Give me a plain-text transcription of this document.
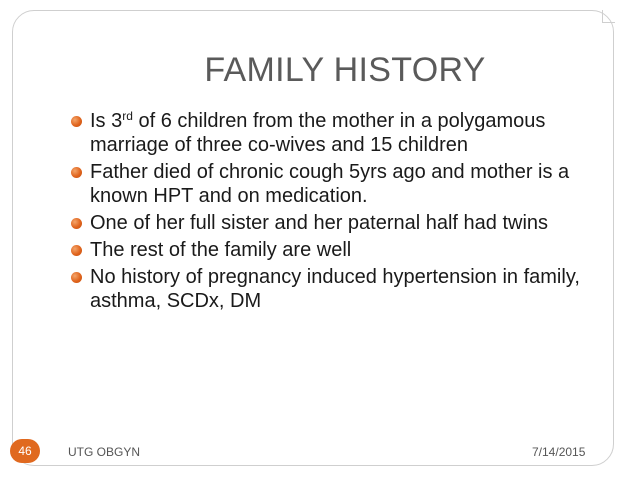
FAMILY HISTORY
Is 3rd of 6 children from the mother in a polygamous marriage of three co-wives and 15 children
Father died of chronic cough 5yrs ago and mother is a known HPT and on medication.
One of her full sister and her paternal half had twins
The rest of the family are well
No history of pregnancy induced hypertension in family, asthma, SCDx, DM
46	UTG OBGYN	7/14/2015
